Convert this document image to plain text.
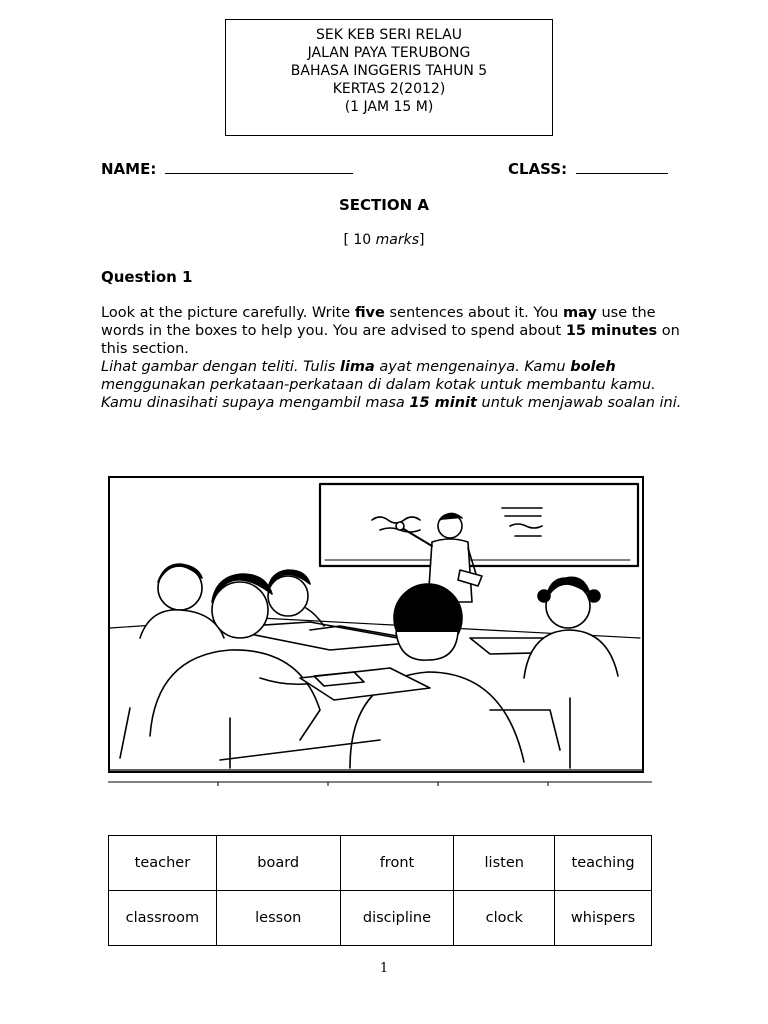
SEK KEB SERI RELAU
JALAN PAYA TERUBONG
BAHASA INGGERIS TAHUN 5
KERTAS 2(2012)
(1 JAM 15 M)
NAME:	CLASS:
SECTION A
[ 10 marks]
Question 1

Look at the picture carefully. Write five sentences about it. You may use the words in the boxes to help you. You are advised to spend about 15 minutes on this section.

Lihat gambar dengan teliti. Tulis lima ayat mengenainya. Kamu boleh menggunakan perkataan-perkataan di dalam kotak untuk membantu kamu.

Kamu dinasihati supaya mengambil masa 15 minit untuk menjawab soalan ini.

teacher	board	front	listen	teaching
classroom	lesson	discipline	clock	whispers
1
